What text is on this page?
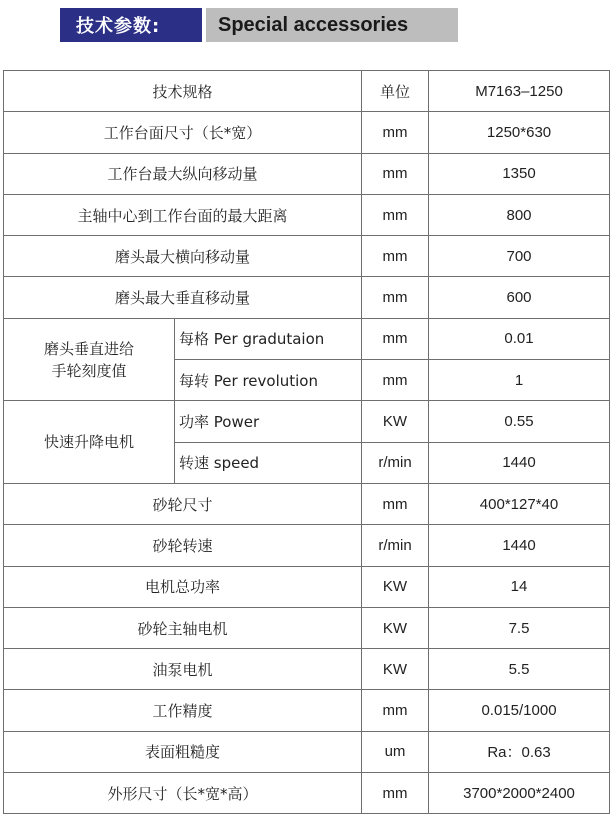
技术参数:	Special accessories
技术规格		单位	M7163–1250
工作台面尺寸（长*宽）		mm	1250*630
工作台最大纵向移动量		mm	1350
主轴中心到工作台面的最大距离		mm	800
磨头最大横向移动量		mm	700
磨头最大垂直移动量		mm	600

磨头垂直进给
手轮刻度值	每格 Per gradutaion	mm	0.01
	每转 Per revolution	mm	1
快速升降电机	功率 Power	KW	0.55
	转速 speed	r/min	1440
砂轮尺寸		mm	400*127*40
砂轮转速		r/min	1440
电机总功率		KW	14
砂轮主轴电机		KW	7.5
油泵电机		KW	5.5
工作精度		mm	0.015/1000
表面粗糙度		um	Ra：0.63
外形尺寸（长*宽*高）		mm	3700*2000*2400
